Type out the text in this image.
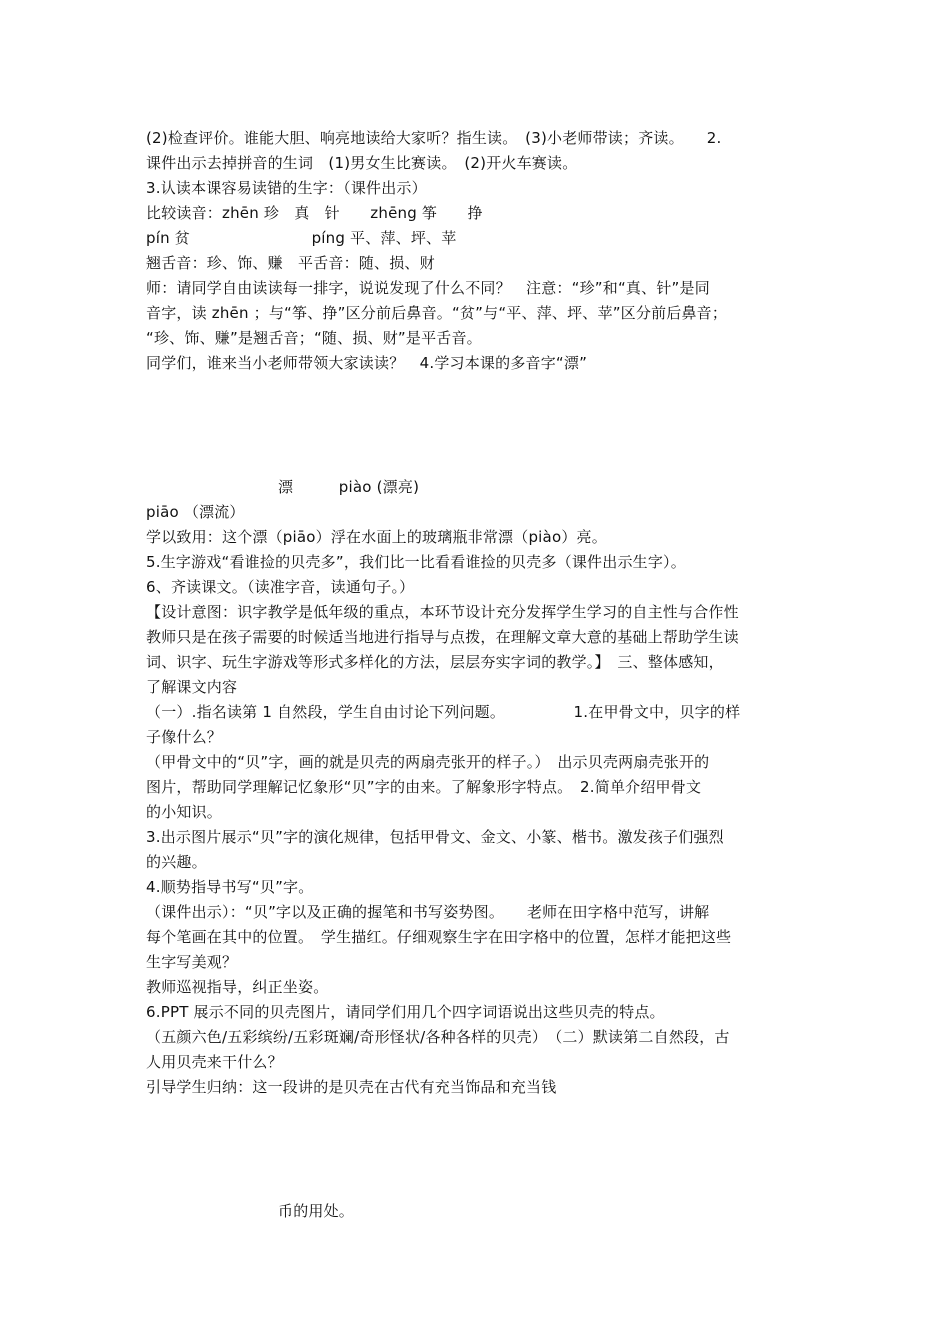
(2)检查评价。谁能大胆、响亮地读给大家听？指生读。　(3)小老师带读；齐读。　　2.
课件出示去掉拼音的生词　(1)男女生比赛读。　(2)开火车赛读。
3.认读本课容易读错的生字：（课件出示）
比较读音：zhēn 珍　真　针　　zhēng 筝　　挣
pín 贫　　　　　　　　píng 平、萍、坪、苹
翘舌音：珍、饰、赚　平舌音：随、损、财
师：请同学自由读读每一排字，说说发现了什么不同？　注意：“珍”和“真、针”是同
音字，读 zhēn ；与“筝、挣”区分前后鼻音。“贫”与“平、萍、坪、苹”区分前后鼻音；
“珍、饰、赚”是翘舌音；“随、损、财”是平舌音。
同学们，谁来当小老师带领大家读读？　4.学习本课的多音字“漂”
漂　　　piào (漂亮)
piāo （漂流）
学以致用：这个漂（piāo）浮在水面上的玻璃瓶非常漂（piào）亮。
5.生字游戏“看谁捡的贝壳多”，我们比一比看看谁捡的贝壳多（课件出示生字）。
6、齐读课文。（读准字音，读通句子。）
【设计意图：识字教学是低年级的重点，本环节设计充分发挥学生学习的自主性与合作性
教师只是在孩子需要的时候适当地进行指导与点拨，在理解文章大意的基础上帮助学生读
词、识字、玩生字游戏等形式多样化的方法，层层夯实字词的教学。】　三、整体感知，
了解课文内容
（一）.指名读第 1 自然段，学生自由讨论下列问题。　　　　　1.在甲骨文中，贝字的样
子像什么？
（甲骨文中的“贝”字，画的就是贝壳的两扇壳张开的样子。）　出示贝壳两扇壳张开的
图片，帮助同学理解记忆象形“贝”字的由来。了解象形字特点。　2.简单介绍甲骨文
的小知识。
3.出示图片展示“贝”字的演化规律，包括甲骨文、金文、小篆、楷书。激发孩子们强烈
的兴趣。
4.顺势指导书写“贝”字。
（课件出示）：“贝”字以及正确的握笔和书写姿势图。　　老师在田字格中范写，讲解
每个笔画在其中的位置。　学生描红。仔细观察生字在田字格中的位置，怎样才能把这些
生字写美观？
教师巡视指导，纠正坐姿。
6.PPT 展示不同的贝壳图片，请同学们用几个四字词语说出这些贝壳的特点。
（五颜六色/五彩缤纷/五彩斑斓/奇形怪状/各种各样的贝壳）　（二）默读第二自然段，古
人用贝壳来干什么？
引导学生归纳：这一段讲的是贝壳在古代有充当饰品和充当钱
币的用处。
